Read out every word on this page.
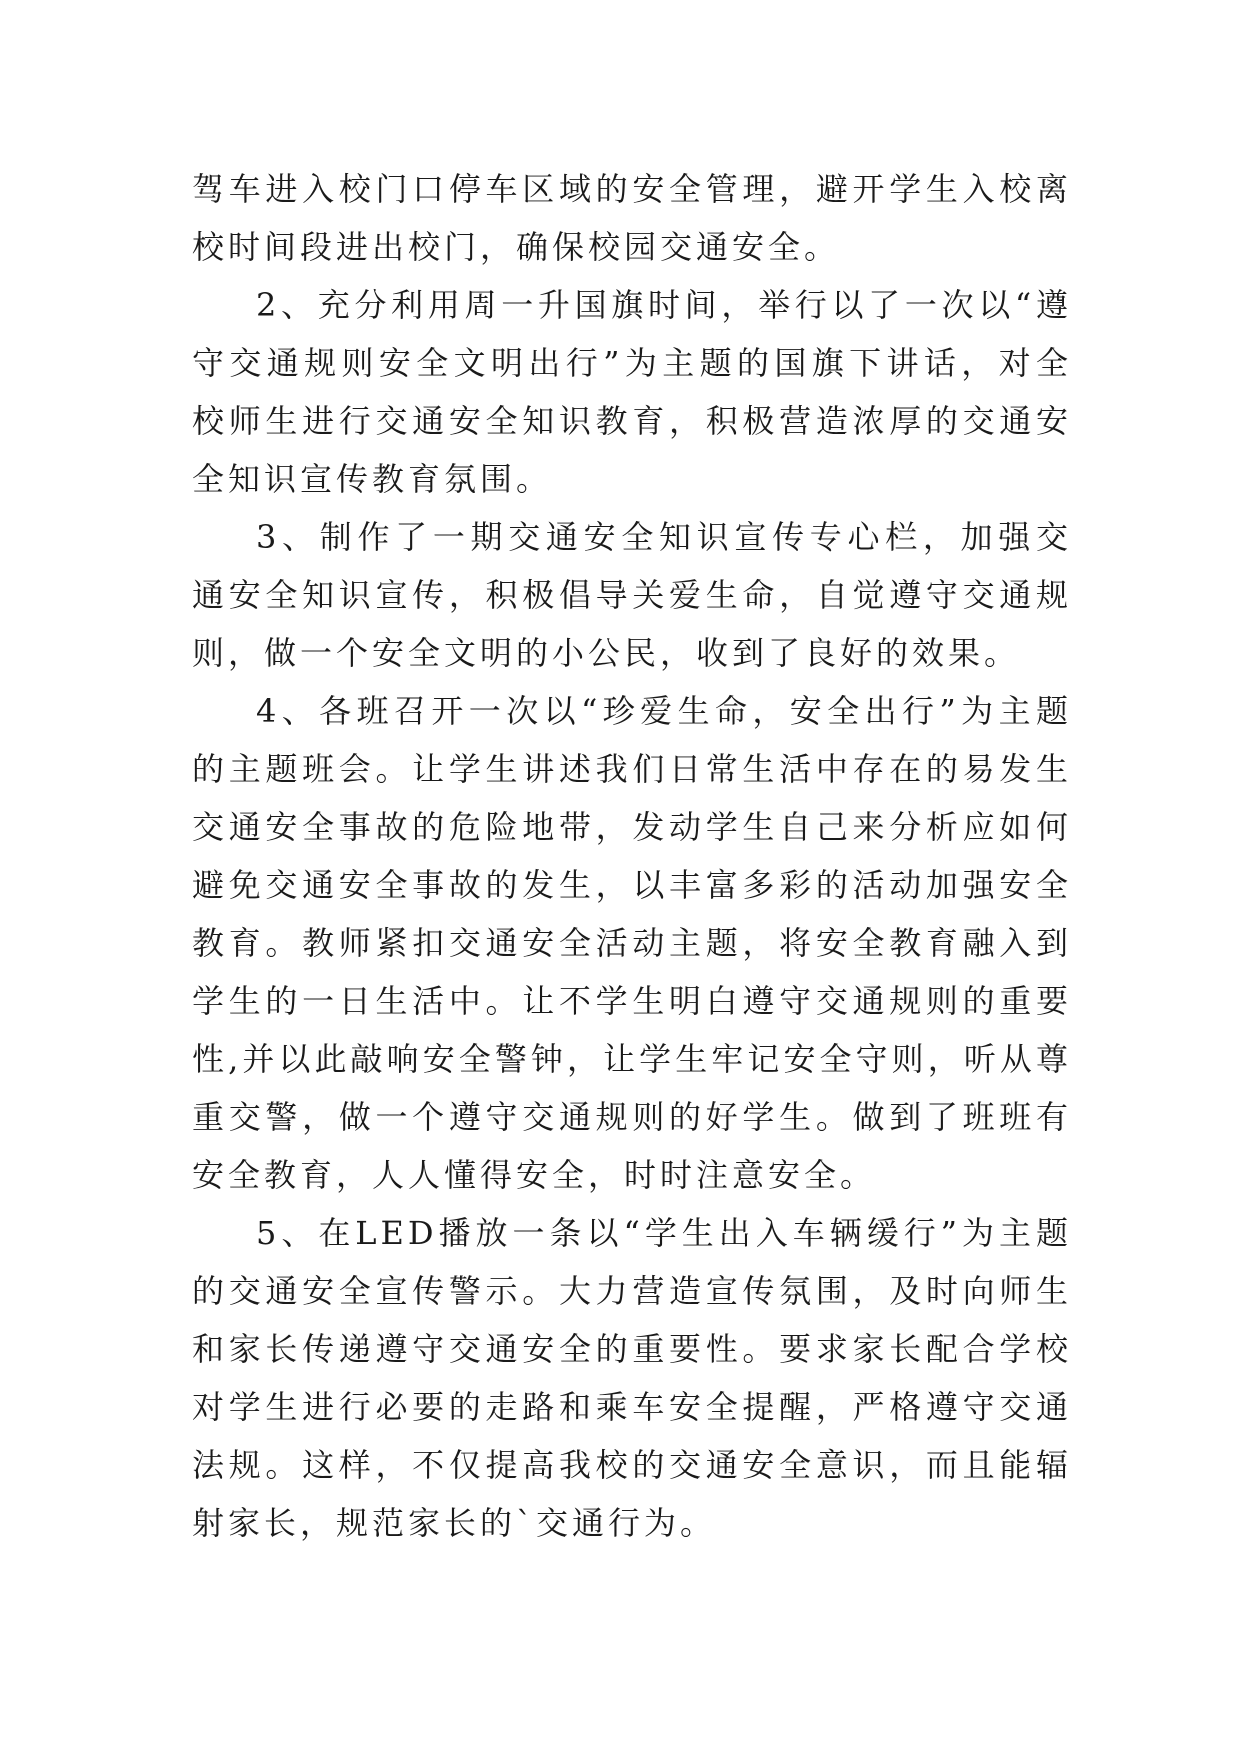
驾车进入校门口停车区域的安全管理，避开学生入校离校时间段进出校门，确保校园交通安全。

2、充分利用周一升国旗时间，举行以了一次以“遵守交通规则安全文明出行”为主题的国旗下讲话，对全校师生进行交通安全知识教育，积极营造浓厚的交通安全知识宣传教育氛围。

3、制作了一期交通安全知识宣传专心栏，加强交通安全知识宣传，积极倡导关爱生命，自觉遵守交通规则，做一个安全文明的小公民，收到了良好的效果。

4、各班召开一次以“珍爱生命，安全出行”为主题的主题班会。让学生讲述我们日常生活中存在的易发生交通安全事故的危险地带，发动学生自己来分析应如何避免交通安全事故的发生，以丰富多彩的活动加强安全教育。教师紧扣交通安全活动主题，将安全教育融入到学生的一日生活中。让不学生明白遵守交通规则的重要性,并以此敲响安全警钟，让学生牢记安全守则，听从尊重交警，做一个遵守交通规则的好学生。做到了班班有安全教育，人人懂得安全，时时注意安全。

5、在LED播放一条以“学生出入车辆缓行”为主题的交通安全宣传警示。大力营造宣传氛围，及时向师生和家长传递遵守交通安全的重要性。要求家长配合学校对学生进行必要的走路和乘车安全提醒，严格遵守交通法规。这样，不仅提高我校的交通安全意识，而且能辐射家长，规范家长的`交通行为。
